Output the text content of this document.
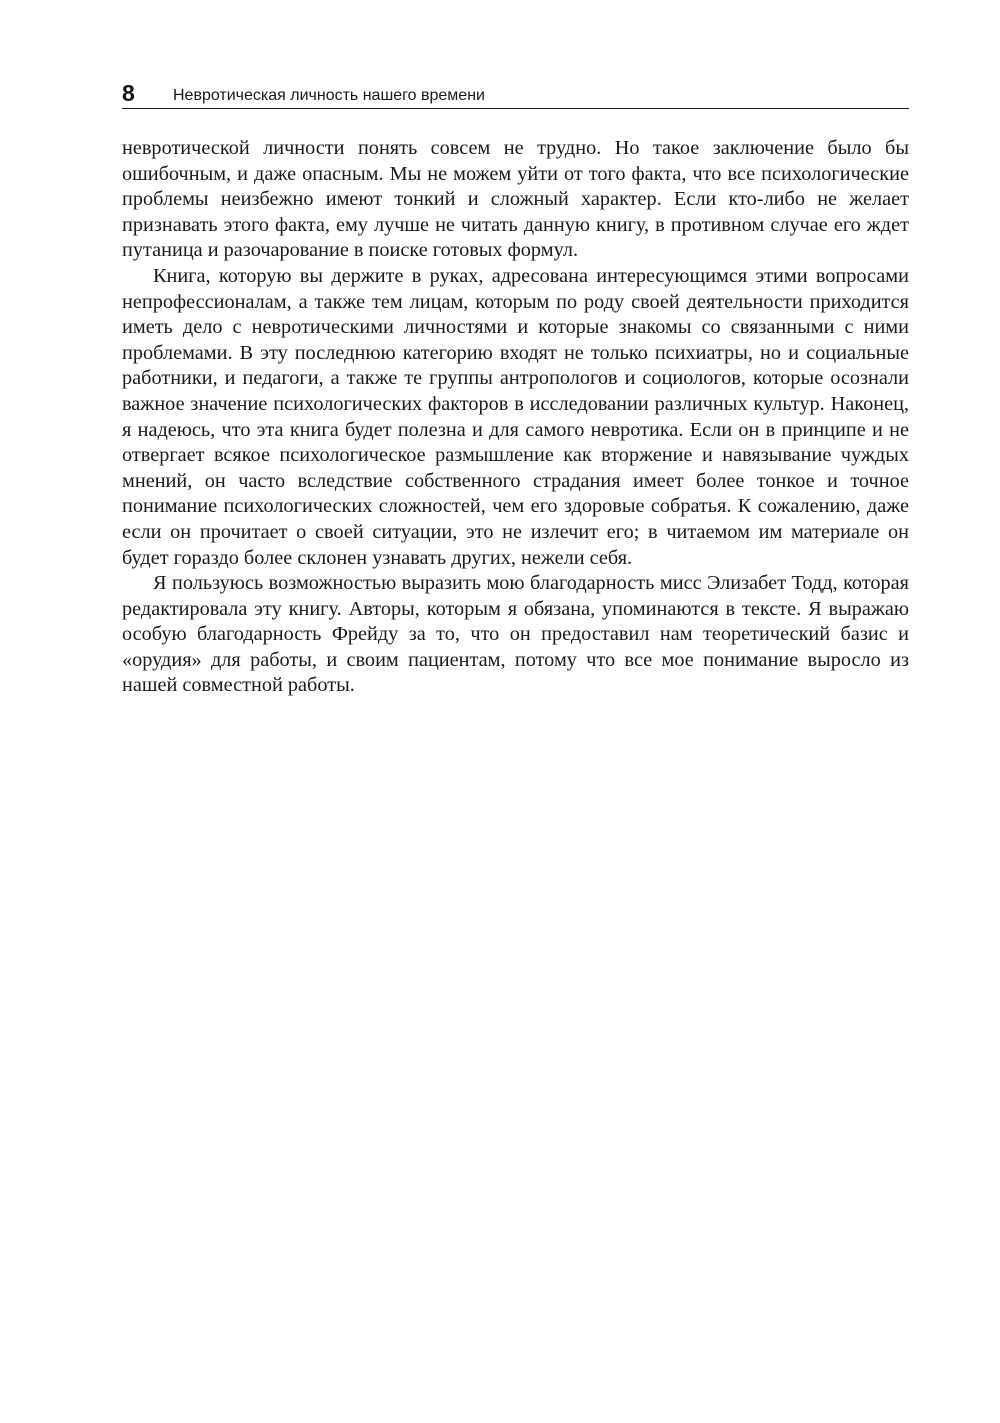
8 Невротическая личность нашего времени

невротической личности понять совсем не трудно. Но такое заключение было бы ошибочным, и даже опасным. Мы не можем уйти от того факта, что все психологические проблемы неизбежно имеют тонкий и сложный характер. Если кто-либо не желает признавать этого факта, ему лучше не читать данную книгу, в противном случае его ждет путаница и разочарование в поиске готовых формул.

Книга, которую вы держите в руках, адресована интересующимся этими вопросами непрофессионалам, а также тем лицам, которым по роду своей деятельности приходится иметь дело с невротическими личностями и которые знакомы со связанными с ними проблемами. В эту последнюю категорию входят не только психиатры, но и социальные работники, и педагоги, а также те группы антропологов и социологов, которые осознали важное значение психологических факторов в исследовании различных культур. Наконец, я надеюсь, что эта книга будет полезна и для самого невротика. Если он в принципе и не отвергает всякое психологическое размышление как вторжение и навязывание чуждых мнений, он часто вследствие собственного страдания имеет более тонкое и точное понимание психологических сложностей, чем его здоровые собратья. К сожалению, даже если он прочитает о своей ситуации, это не излечит его; в читаемом им материале он будет гораздо более склонен узнавать других, нежели себя.

Я пользуюсь возможностью выразить мою благодарность мисс Элизабет Тодд, которая редактировала эту книгу. Авторы, которым я обязана, упоминаются в тексте. Я выражаю особую благодарность Фрейду за то, что он предоставил нам теоретический базис и «орудия» для работы, и своим пациентам, потому что все мое понимание выросло из нашей совместной работы.
